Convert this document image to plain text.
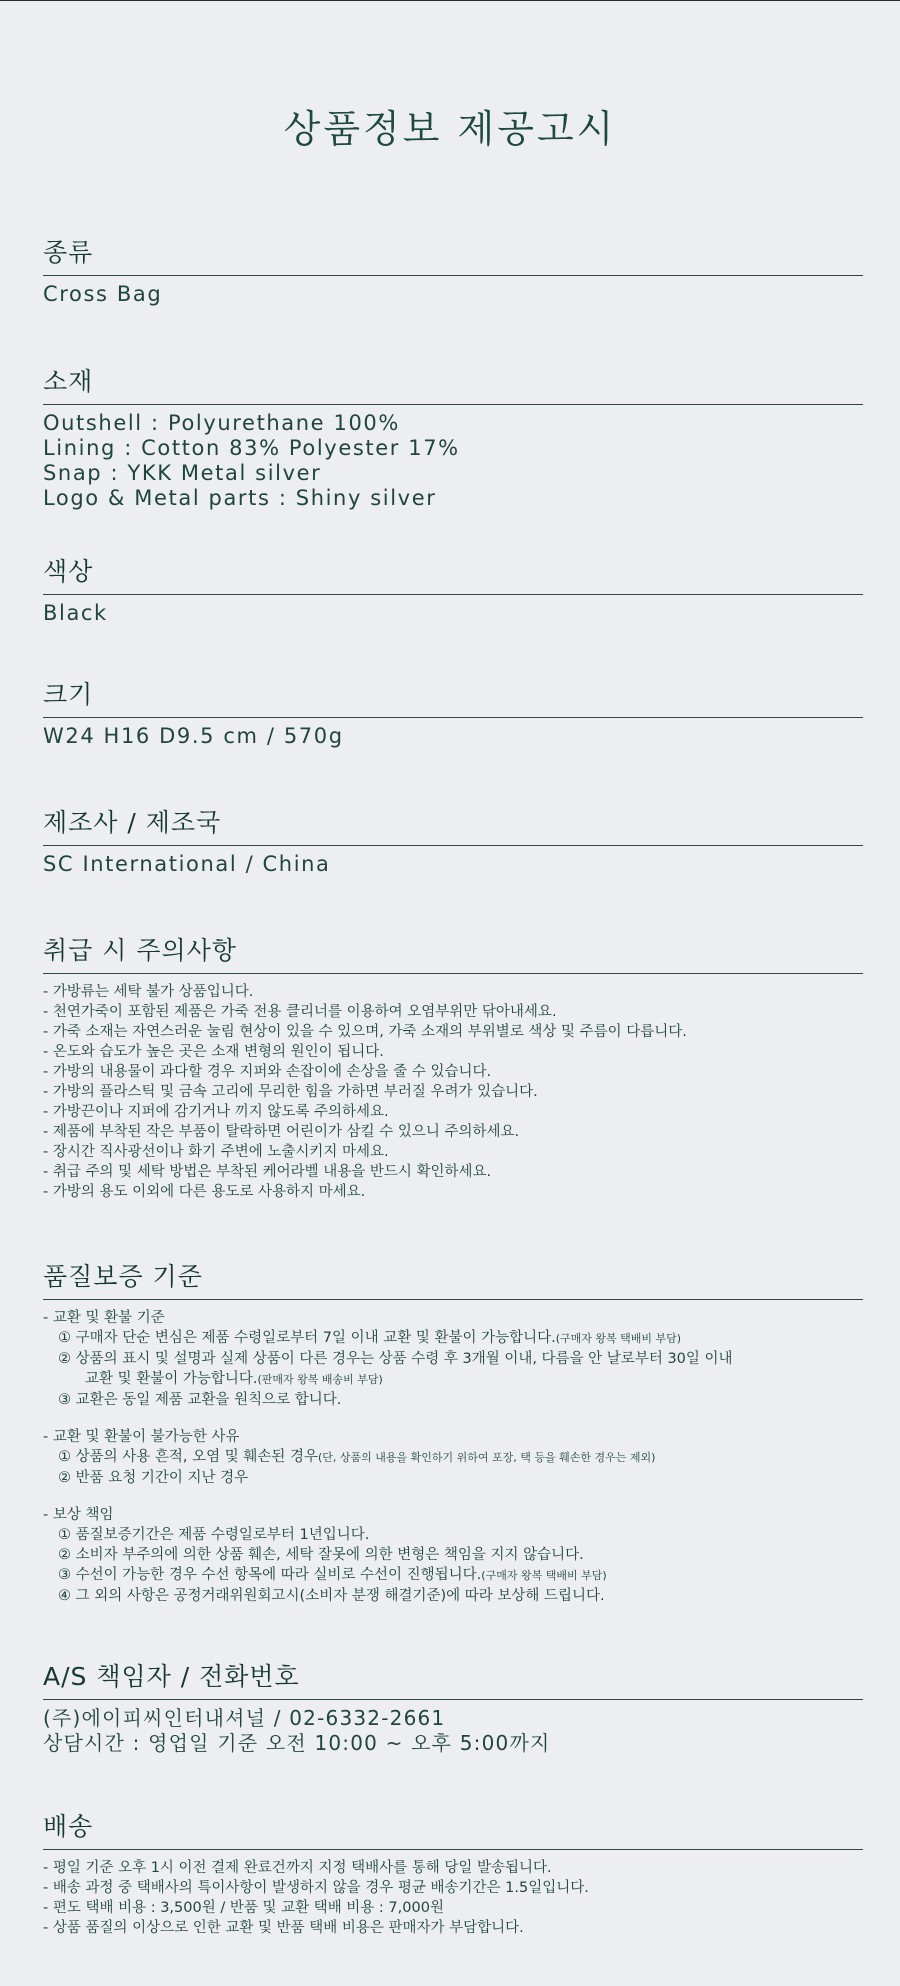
상품정보 제공고시
종류
Cross Bag
소재
Outshell : Polyurethane 100%
Lining : Cotton 83% Polyester 17%
Snap : YKK Metal silver
Logo & Metal parts : Shiny silver
색상
Black
크기
W24 H16 D9.5 cm / 570g
제조사 / 제조국
SC International / China
취급 시 주의사항
- 가방류는 세탁 불가 상품입니다.
- 천연가죽이 포함된 제품은 가죽 전용 클리너를 이용하여 오염부위만 닦아내세요.
- 가죽 소재는 자연스러운 눌림 현상이 있을 수 있으며, 가죽 소재의 부위별로 색상 및 주름이 다릅니다.
- 온도와 습도가 높은 곳은 소재 변형의 원인이 됩니다.
- 가방의 내용물이 과다할 경우 지퍼와 손잡이에 손상을 줄 수 있습니다.
- 가방의 플라스틱 및 금속 고리에 무리한 힘을 가하면 부러질 우려가 있습니다.
- 가방끈이나 지퍼에 감기거나 끼지 않도록 주의하세요.
- 제품에 부착된 작은 부품이 탈락하면 어린이가 삼킬 수 있으니 주의하세요.
- 장시간 직사광선이나 화기 주변에 노출시키지 마세요.
- 취급 주의 및 세탁 방법은 부착된 케어라벨 내용을 반드시 확인하세요.
- 가방의 용도 이외에 다른 용도로 사용하지 마세요.
품질보증 기준
- 교환 및 환불 기준
① 구매자 단순 변심은 제품 수령일로부터 7일 이내 교환 및 환불이 가능합니다.(구매자 왕복 택배비 부담)
② 상품의 표시 및 설명과 실제 상품이 다른 경우는 상품 수령 후 3개월 이내, 다름을 안 날로부터 30일 이내
교환 및 환불이 가능합니다.(판매자 왕복 배송비 부담)
③ 교환은 동일 제품 교환을 원칙으로 합니다.
- 교환 및 환불이 불가능한 사유
① 상품의 사용 흔적, 오염 및 훼손된 경우(단, 상품의 내용을 확인하기 위하여 포장, 택 등을 훼손한 경우는 제외)
② 반품 요청 기간이 지난 경우
- 보상 책임
① 품질보증기간은 제품 수령일로부터 1년입니다.
② 소비자 부주의에 의한 상품 훼손, 세탁 잘못에 의한 변형은 책임을 지지 않습니다.
③ 수선이 가능한 경우 수선 항목에 따라 실비로 수선이 진행됩니다.(구매자 왕복 택배비 부담)
④ 그 외의 사항은 공정거래위원회고시(소비자 분쟁 해결기준)에 따라 보상해 드립니다.
A/S 책임자 / 전화번호
(주)에이피씨인터내셔널 / 02-6332-2661
상담시간 : 영업일 기준 오전 10:00 ~ 오후 5:00까지
배송
- 평일 기준 오후 1시 이전 결제 완료건까지 지정 택배사를 통해 당일 발송됩니다.
- 배송 과정 중 택배사의 특이사항이 발생하지 않을 경우 평균 배송기간은 1.5일입니다.
- 편도 택배 비용 : 3,500원 / 반품 및 교환 택배 비용 : 7,000원
- 상품 품질의 이상으로 인한 교환 및 반품 택배 비용은 판매자가 부담합니다.
